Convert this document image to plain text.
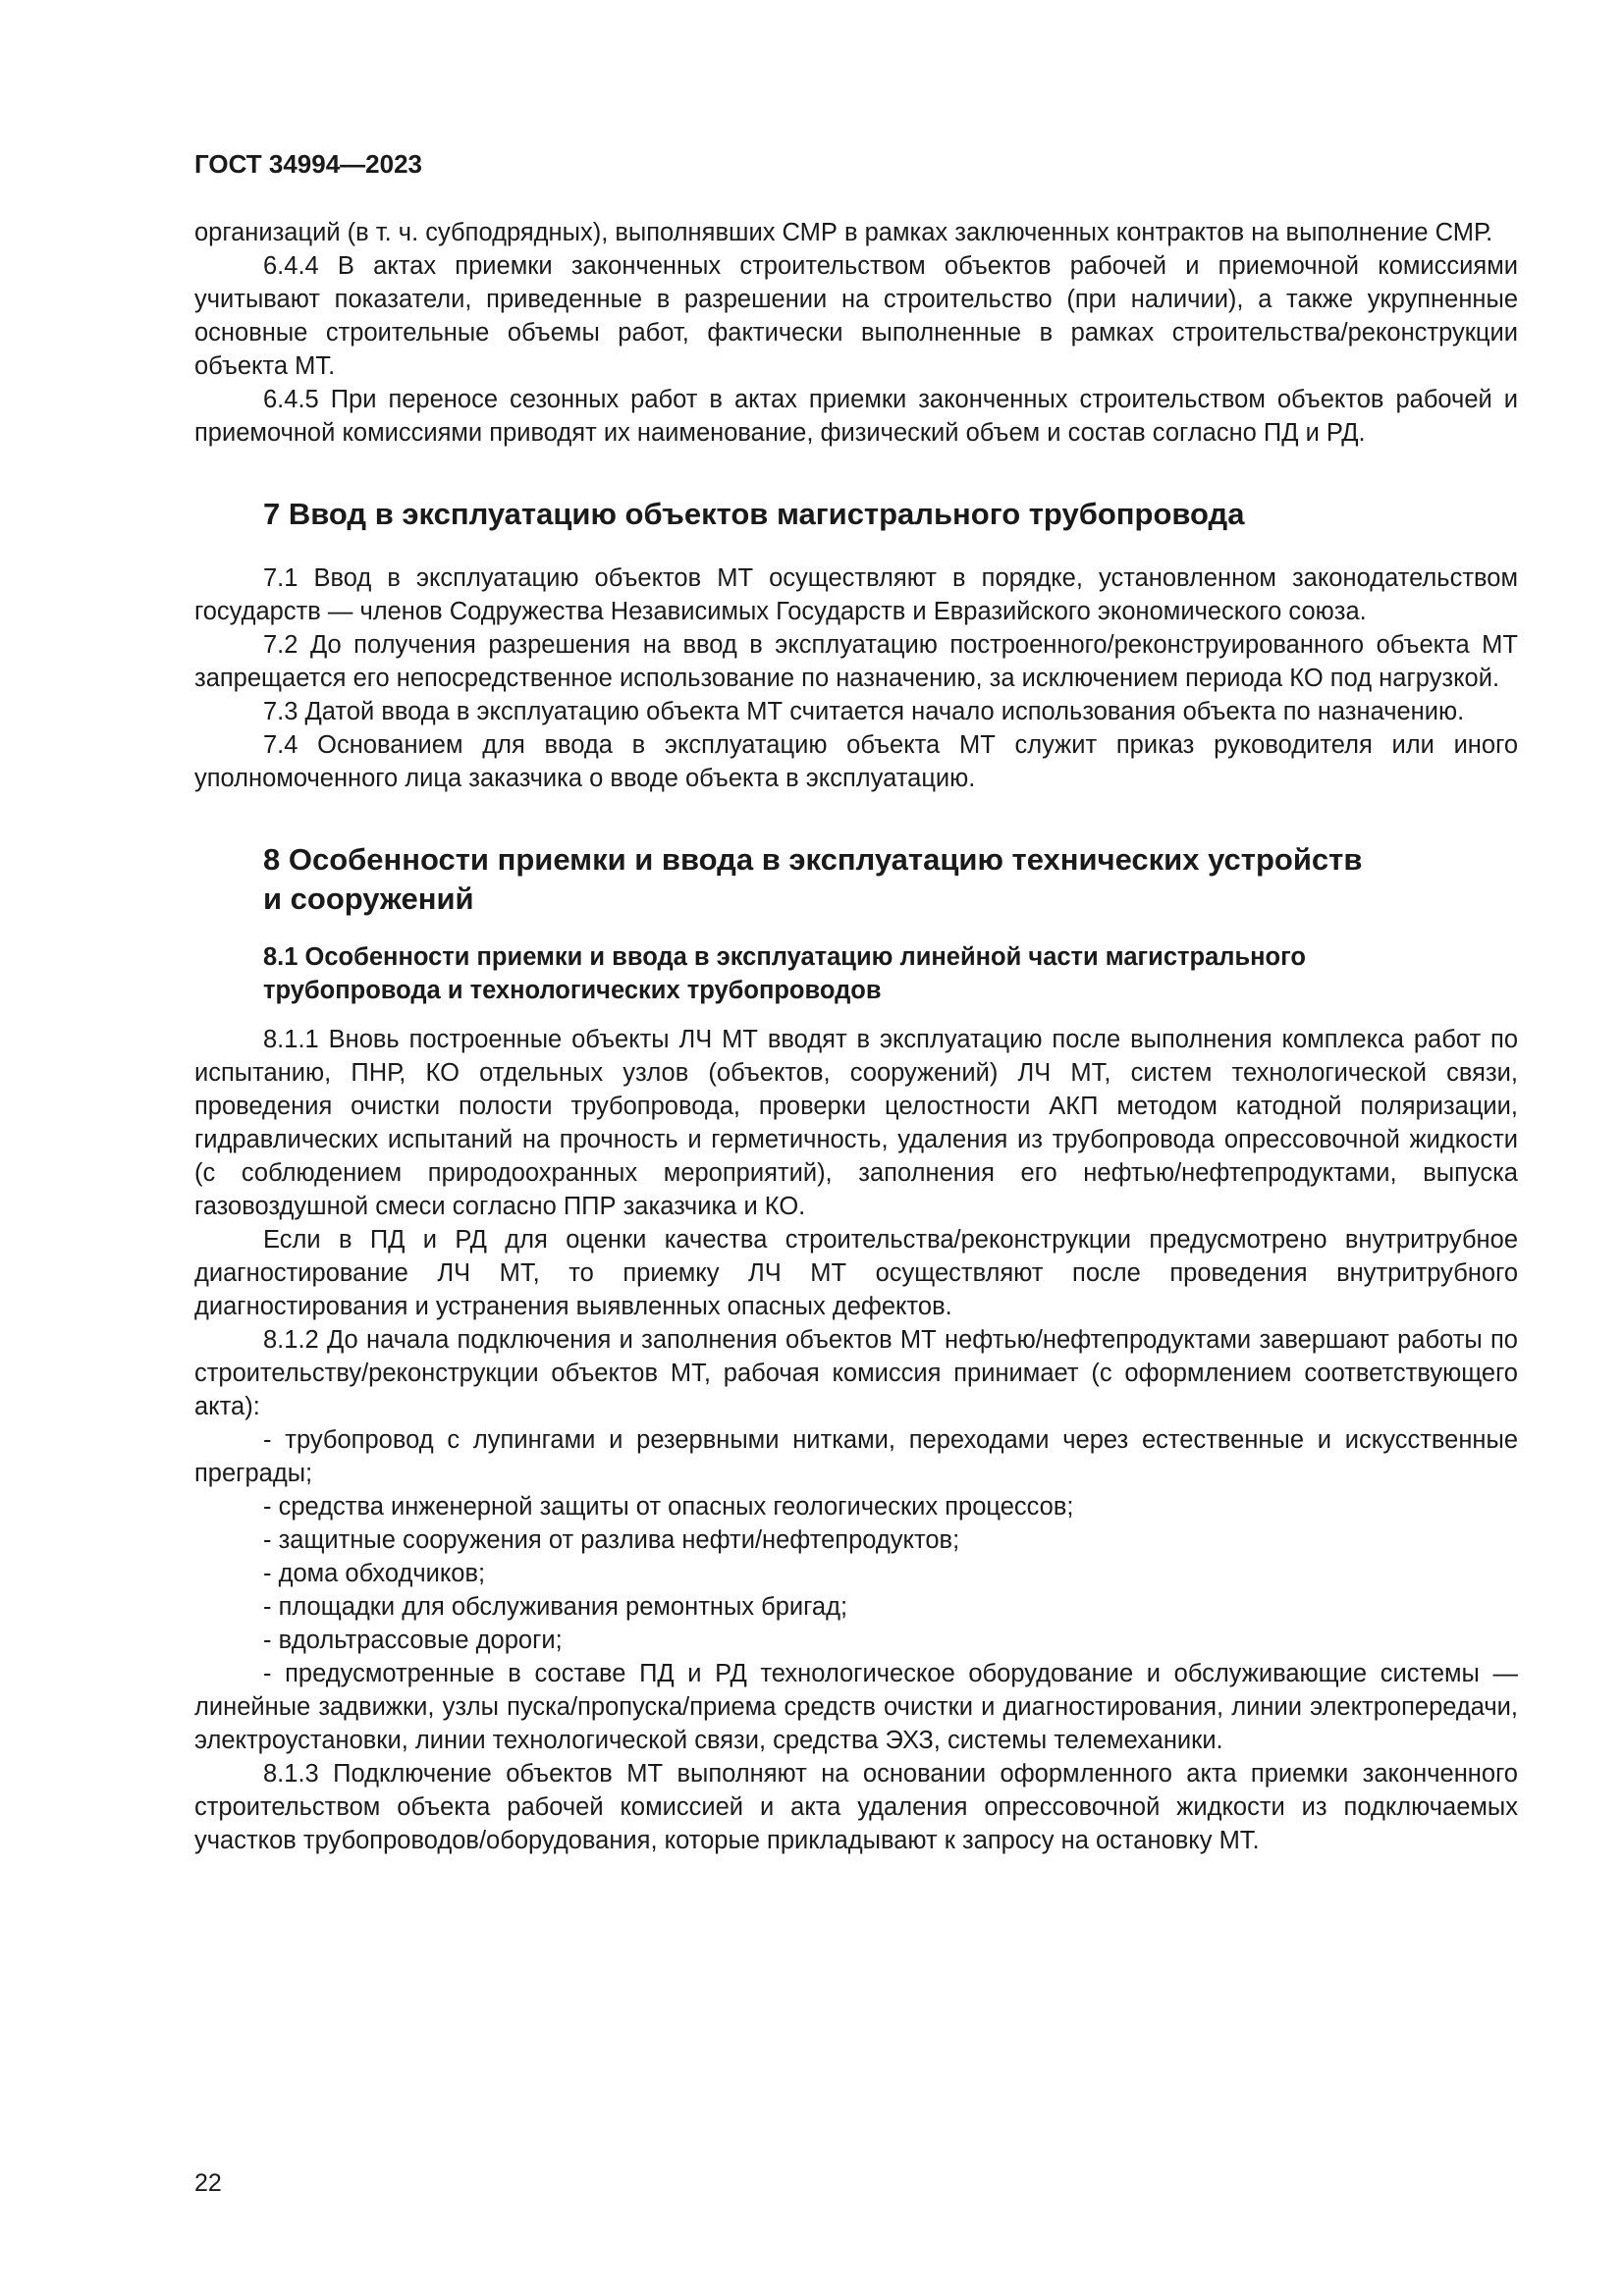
ГОСТ 34994—2023

организаций (в т. ч. субподрядных), выполнявших СМР в рамках заключенных контрактов на выполнение СМР.

6.4.4 В актах приемки законченных строительством объектов рабочей и приемочной комиссиями учитывают показатели, приведенные в разрешении на строительство (при наличии), а также укрупненные основные строительные объемы работ, фактически выполненные в рамках строительства/реконструкции объекта МТ.

6.4.5 При переносе сезонных работ в актах приемки законченных строительством объектов рабочей и приемочной комиссиями приводят их наименование, физический объем и состав согласно ПД и РД.

7 Ввод в эксплуатацию объектов магистрального трубопровода

7.1 Ввод в эксплуатацию объектов МТ осуществляют в порядке, установленном законодательством государств — членов Содружества Независимых Государств и Евразийского экономического союза.

7.2 До получения разрешения на ввод в эксплуатацию построенного/реконструированного объекта МТ запрещается его непосредственное использование по назначению, за исключением периода КО под нагрузкой.

7.3 Датой ввода в эксплуатацию объекта МТ считается начало использования объекта по назначению.

7.4 Основанием для ввода в эксплуатацию объекта МТ служит приказ руководителя или иного уполномоченного лица заказчика о вводе объекта в эксплуатацию.

8 Особенности приемки и ввода в эксплуатацию технических устройств
и сооружений
8.1 Особенности приемки и ввода в эксплуатацию линейной части магистрального
трубопровода и технологических трубопроводов

8.1.1 Вновь построенные объекты ЛЧ МТ вводят в эксплуатацию после выполнения комплекса работ по испытанию, ПНР, КО отдельных узлов (объектов, сооружений) ЛЧ МТ, систем технологической связи, проведения очистки полости трубопровода, проверки целостности АКП методом катодной поляризации, гидравлических испытаний на прочность и герметичность, удаления из трубопровода опрессовочной жидкости (с соблюдением природоохранных мероприятий), заполнения его нефтью/нефтепродуктами, выпуска газовоздушной смеси согласно ППР заказчика и КО.

Если в ПД и РД для оценки качества строительства/реконструкции предусмотрено внутритрубное диагностирование ЛЧ МТ, то приемку ЛЧ МТ осуществляют после проведения внутритрубного диагностирования и устранения выявленных опасных дефектов.

8.1.2 До начала подключения и заполнения объектов МТ нефтью/нефтепродуктами завершают работы по строительству/реконструкции объектов МТ, рабочая комиссия принимает (с оформлением соответствующего акта):

- трубопровод с лупингами и резервными нитками, переходами через естественные и искусственные преграды;

- средства инженерной защиты от опасных геологических процессов;

- защитные сооружения от разлива нефти/нефтепродуктов;

- дома обходчиков;

- площадки для обслуживания ремонтных бригад;

- вдольтрассовые дороги;

- предусмотренные в составе ПД и РД технологическое оборудование и обслуживающие системы — линейные задвижки, узлы пуска/пропуска/приема средств очистки и диагностирования, линии электропередачи, электроустановки, линии технологической связи, средства ЭХЗ, системы телемеханики.

8.1.3 Подключение объектов МТ выполняют на основании оформленного акта приемки законченного строительством объекта рабочей комиссией и акта удаления опрессовочной жидкости из подключаемых участков трубопроводов/оборудования, которые прикладывают к запросу на остановку МТ.

22
